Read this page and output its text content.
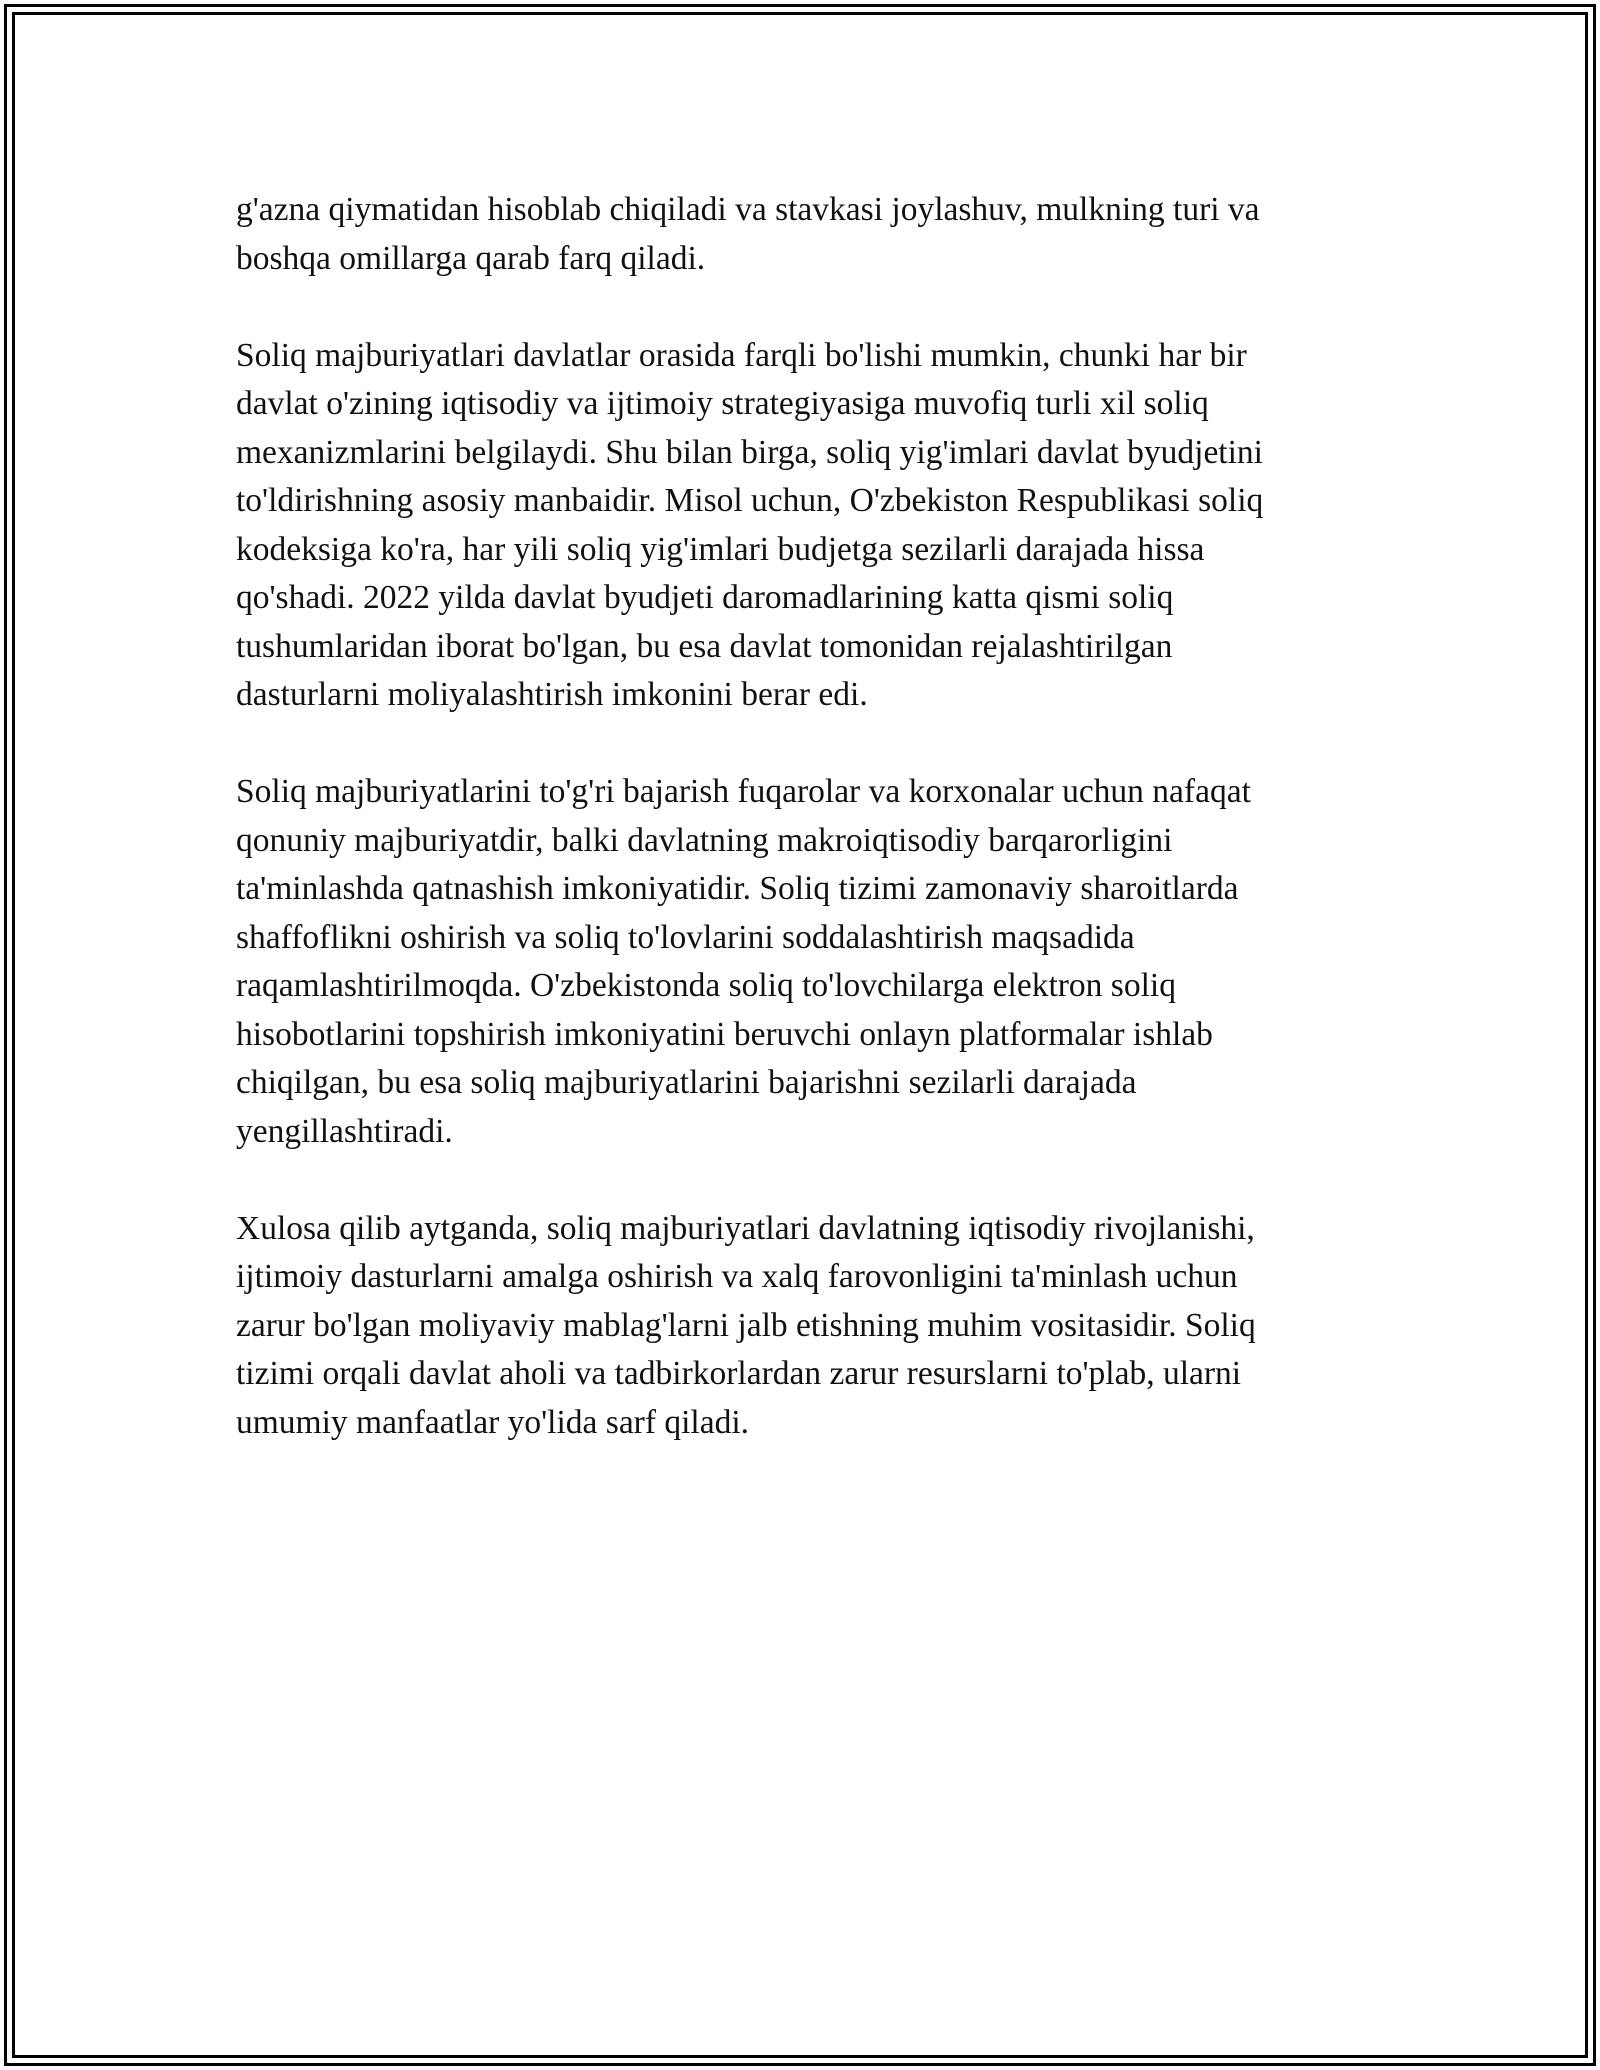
g'azna qiymatidan hisoblab chiqiladi va stavkasi joylashuv, mulkning turi va
boshqa omillarga qarab farq qiladi.

Soliq majburiyatlari davlatlar orasida farqli bo'lishi mumkin, chunki har bir
davlat o'zining iqtisodiy va ijtimoiy strategiyasiga muvofiq turli xil soliq
mexanizmlarini belgilaydi. Shu bilan birga, soliq yig'imlari davlat byudjetini
to'ldirishning asosiy manbaidir. Misol uchun, O'zbekiston Respublikasi soliq
kodeksiga ko'ra, har yili soliq yig'imlari budjetga sezilarli darajada hissa
qo'shadi. 2022 yilda davlat byudjeti daromadlarining katta qismi soliq
tushumlaridan iborat bo'lgan, bu esa davlat tomonidan rejalashtirilgan
dasturlarni moliyalashtirish imkonini berar edi.

Soliq majburiyatlarini to'g'ri bajarish fuqarolar va korxonalar uchun nafaqat
qonuniy majburiyatdir, balki davlatning makroiqtisodiy barqarorligini
ta'minlashda qatnashish imkoniyatidir. Soliq tizimi zamonaviy sharoitlarda
shaffoflikni oshirish va soliq to'lovlarini soddalashtirish maqsadida
raqamlashtirilmoqda. O'zbekistonda soliq to'lovchilarga elektron soliq
hisobotlarini topshirish imkoniyatini beruvchi onlayn platformalar ishlab
chiqilgan, bu esa soliq majburiyatlarini bajarishni sezilarli darajada
yengillashtiradi.

Xulosa qilib aytganda, soliq majburiyatlari davlatning iqtisodiy rivojlanishi,
ijtimoiy dasturlarni amalga oshirish va xalq farovonligini ta'minlash uchun
zarur bo'lgan moliyaviy mablag'larni jalb etishning muhim vositasidir. Soliq
tizimi orqali davlat aholi va tadbirkorlardan zarur resurslarni to'plab, ularni
umumiy manfaatlar yo'lida sarf qiladi.
